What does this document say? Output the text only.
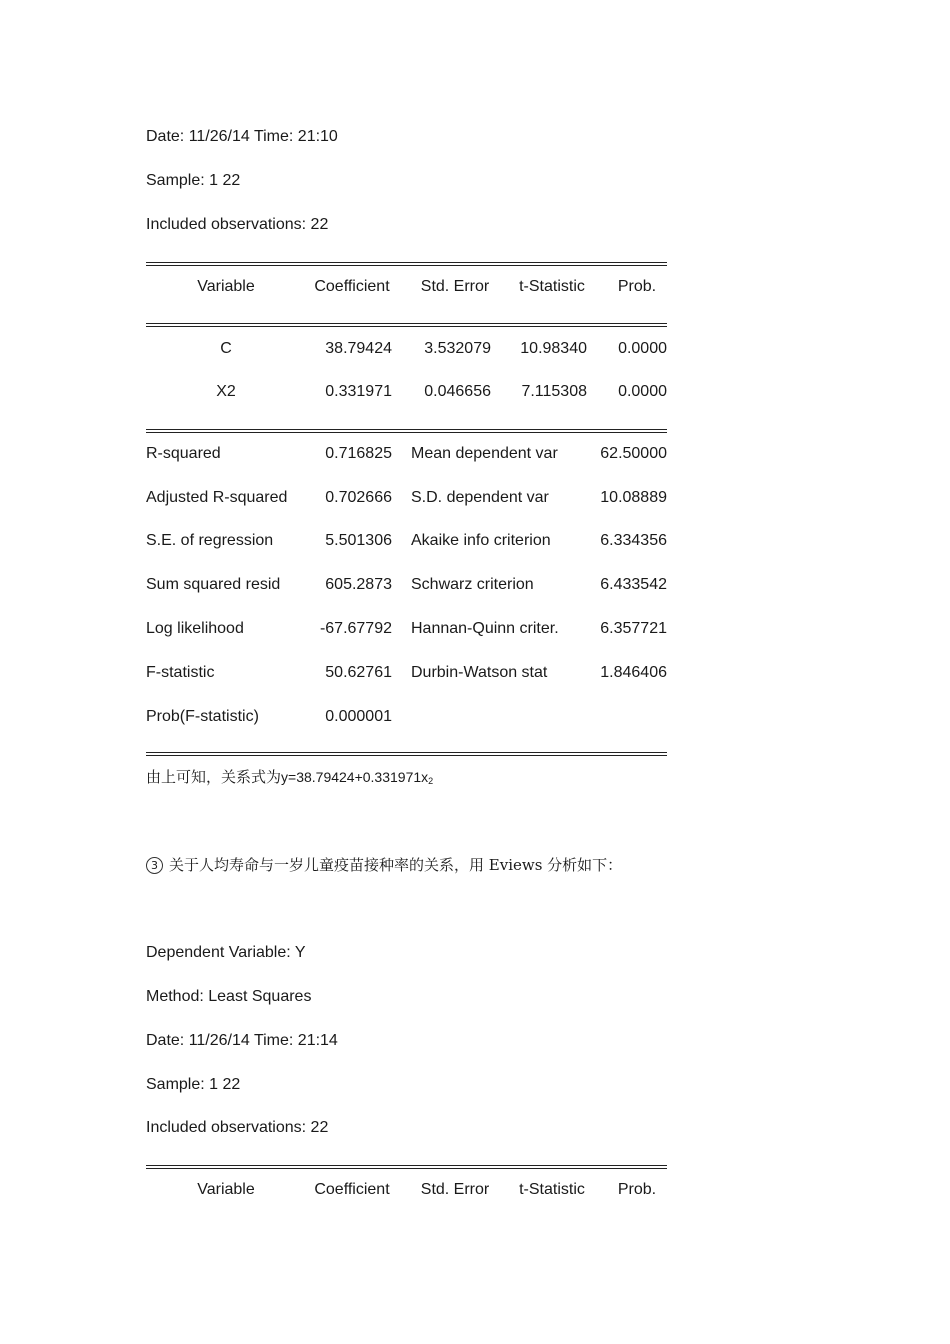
Date: 11/26/14 Time: 21:10
Sample: 1 22
Included observations: 22
Variable	Coefficient	Std. Error	t-Statistic	Prob.
C	38.79424	3.532079	10.98340	0.0000
X2	0.331971	0.046656	7.115308	0.0000
R-squared	0.716825 Mean dependent var	62.50000
Adjusted R-squared	0.702666 S.D. dependent var	10.08889
S.E. of regression	5.501306 Akaike info criterion	6.334356
Sum squared resid	605.2873 Schwarz criterion	6.433542
Log likelihood	-67.67792 Hannan-Quinn criter.	6.357721
F-statistic	50.62761 Durbin-Watson stat	1.846406
Prob(F-statistic)	0.000001
由上可知，关系式为$y=38.79424+0.331971x_2$
3 关于人均寿命与一岁儿童疫苗接种率的关系，用 Eviews 分析如下：
Dependent Variable: Y
Method: Least Squares
Date: 11/26/14 Time: 21:14
Sample: 1 22
Included observations: 22
Variable	Coefficient	Std. Error	t-Statistic	Prob.
